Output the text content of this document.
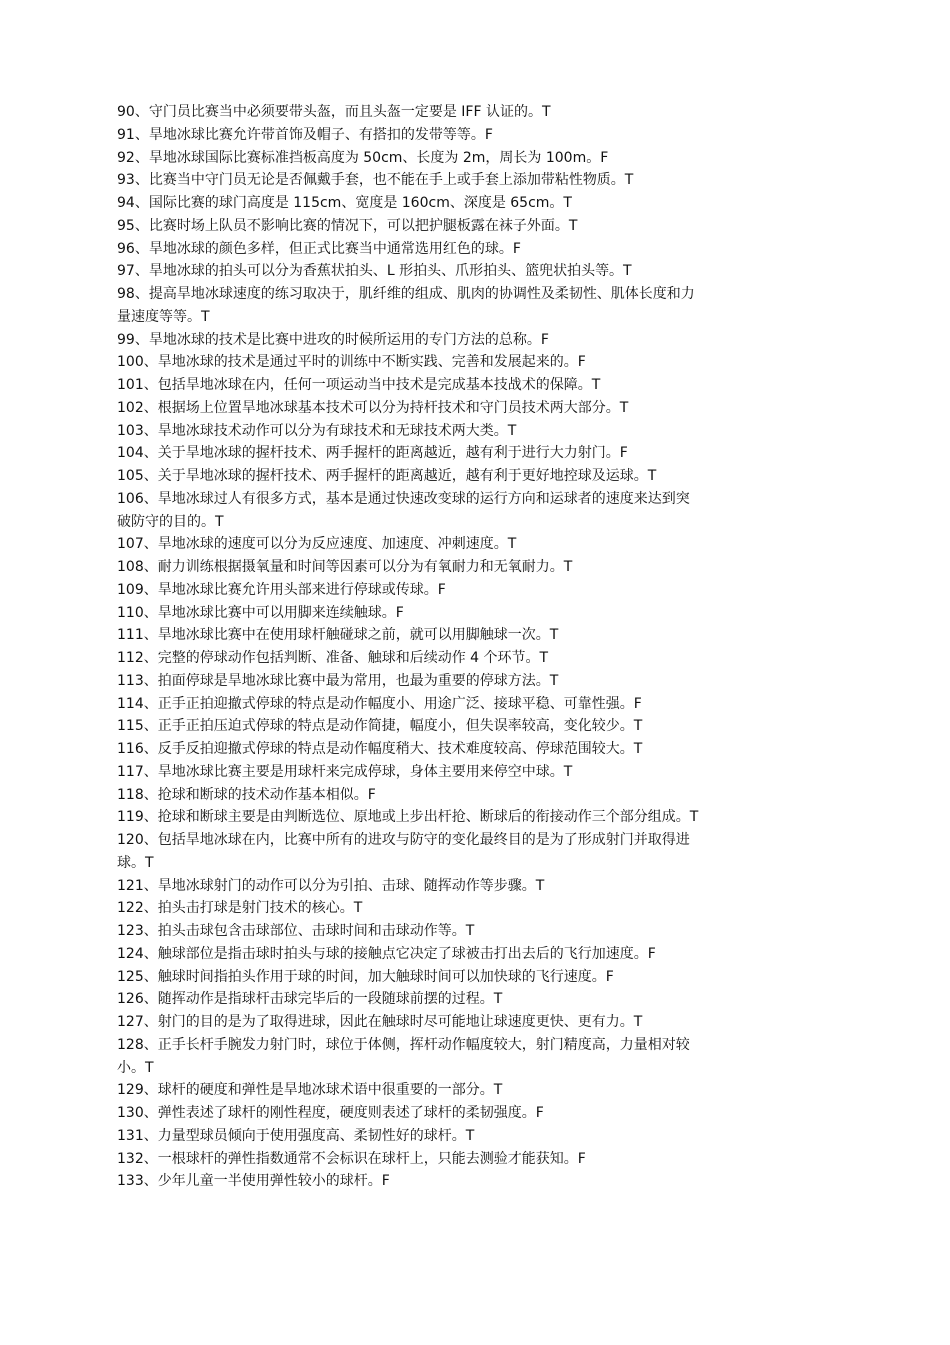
90、守门员比赛当中必须要带头盔，而且头盔一定要是 IFF 认证的。T
91、旱地冰球比赛允许带首饰及帽子、有搭扣的发带等等。F
92、旱地冰球国际比赛标准挡板高度为 50cm、长度为 2m，周长为 100m。F
93、比赛当中守门员无论是否佩戴手套，也不能在手上或手套上添加带粘性物质。T
94、国际比赛的球门高度是 115cm、宽度是 160cm、深度是 65cm。T
95、比赛时场上队员不影响比赛的情况下，可以把护腿板露在袜子外面。T
96、旱地冰球的颜色多样，但正式比赛当中通常选用红色的球。F
97、旱地冰球的拍头可以分为香蕉状拍头、L 形拍头、爪形拍头、篮兜状拍头等。T
98、提高旱地冰球速度的练习取决于，肌纤维的组成、肌肉的协调性及柔韧性、肌体长度和力
量速度等等。T
99、旱地冰球的技术是比赛中进攻的时候所运用的专门方法的总称。F
100、旱地冰球的技术是通过平时的训练中不断实践、完善和发展起来的。F
101、包括旱地冰球在内，任何一项运动当中技术是完成基本技战术的保障。T
102、根据场上位置旱地冰球基本技术可以分为持杆技术和守门员技术两大部分。T
103、旱地冰球技术动作可以分为有球技术和无球技术两大类。T
104、关于旱地冰球的握杆技术、两手握杆的距离越近，越有利于进行大力射门。F
105、关于旱地冰球的握杆技术、两手握杆的距离越近，越有利于更好地控球及运球。T
106、旱地冰球过人有很多方式，基本是通过快速改变球的运行方向和运球者的速度来达到突
破防守的目的。T
107、旱地冰球的速度可以分为反应速度、加速度、冲刺速度。T
108、耐力训练根据摄氧量和时间等因素可以分为有氧耐力和无氧耐力。T
109、旱地冰球比赛允许用头部来进行停球或传球。F
110、旱地冰球比赛中可以用脚来连续触球。F
111、旱地冰球比赛中在使用球杆触碰球之前，就可以用脚触球一次。T
112、完整的停球动作包括判断、准备、触球和后续动作 4 个环节。T
113、拍面停球是旱地冰球比赛中最为常用，也最为重要的停球方法。T
114、正手正拍迎撤式停球的特点是动作幅度小、用途广泛、接球平稳、可靠性强。F
115、正手正拍压迫式停球的特点是动作简捷，幅度小，但失误率较高，变化较少。T
116、反手反拍迎撤式停球的特点是动作幅度稍大、技术难度较高、停球范围较大。T
117、旱地冰球比赛主要是用球杆来完成停球，身体主要用来停空中球。T
118、抢球和断球的技术动作基本相似。F
119、抢球和断球主要是由判断选位、原地或上步出杆抢、断球后的衔接动作三个部分组成。T
120、包括旱地冰球在内，比赛中所有的进攻与防守的变化最终目的是为了形成射门并取得进
球。T
121、旱地冰球射门的动作可以分为引拍、击球、随挥动作等步骤。T
122、拍头击打球是射门技术的核心。T
123、拍头击球包含击球部位、击球时间和击球动作等。T
124、触球部位是指击球时拍头与球的接触点它决定了球被击打出去后的飞行加速度。F
125、触球时间指拍头作用于球的时间，加大触球时间可以加快球的飞行速度。F
126、随挥动作是指球杆击球完毕后的一段随球前摆的过程。T
127、射门的目的是为了取得进球，因此在触球时尽可能地让球速度更快、更有力。T
128、正手长杆手腕发力射门时，球位于体侧，挥杆动作幅度较大，射门精度高，力量相对较
小。T
129、球杆的硬度和弹性是旱地冰球术语中很重要的一部分。T
130、弹性表述了球杆的刚性程度，硬度则表述了球杆的柔韧强度。F
131、力量型球员倾向于使用强度高、柔韧性好的球杆。T
132、一根球杆的弹性指数通常不会标识在球杆上，只能去测验才能获知。F
133、少年儿童一半使用弹性较小的球杆。F
